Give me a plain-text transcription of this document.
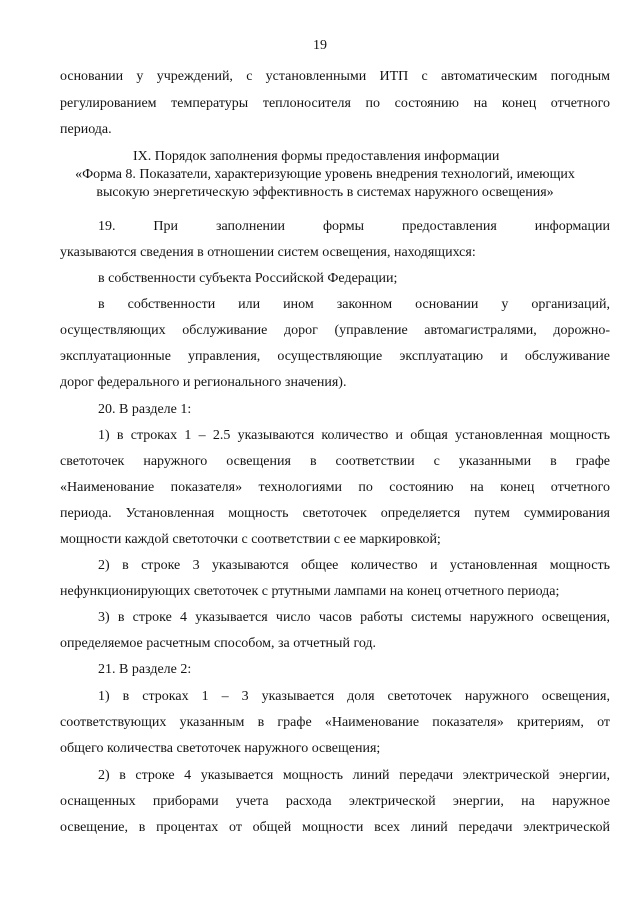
19
основании у учреждений, с установленными ИТП с автоматическим погодным
регулированием температуры теплоносителя по состоянию на конец отчетного
периода.
IX. Порядок заполнения формы предоставления информации
«Форма 8. Показатели, характеризующие уровень внедрения технологий, имеющих
высокую энергетическую эффективность в системах наружного освещения»
19. При заполнении формы предоставления информации
указываются сведения в отношении систем освещения, находящихся:
в собственности субъекта Российской Федерации;
в собственности или ином законном основании у организаций,
осуществляющих обслуживание дорог (управление автомагистралями, дорожно-
эксплуатационные управления, осуществляющие эксплуатацию и обслуживание
дорог федерального и регионального значения).
20. В разделе 1:
1) в строках 1 – 2.5 указываются количество и общая установленная мощность
светоточек наружного освещения в соответствии с указанными в графе
«Наименование показателя» технологиями по состоянию на конец отчетного
периода. Установленная мощность светоточек определяется путем суммирования
мощности каждой светоточки с соответствии с ее маркировкой;
2) в строке 3 указываются общее количество и установленная мощность
нефункционирующих светоточек с ртутными лампами на конец отчетного периода;
3) в строке 4 указывается число часов работы системы наружного освещения,
определяемое расчетным способом, за отчетный год.
21. В разделе 2:
1) в строках 1 – 3 указывается доля светоточек наружного освещения,
соответствующих указанным в графе «Наименование показателя» критериям, от
общего количества светоточек наружного освещения;
2) в строке 4 указывается мощность линий передачи электрической энергии,
оснащенных приборами учета расхода электрической энергии, на наружное
освещение, в процентах от общей мощности всех линий передачи электрической
